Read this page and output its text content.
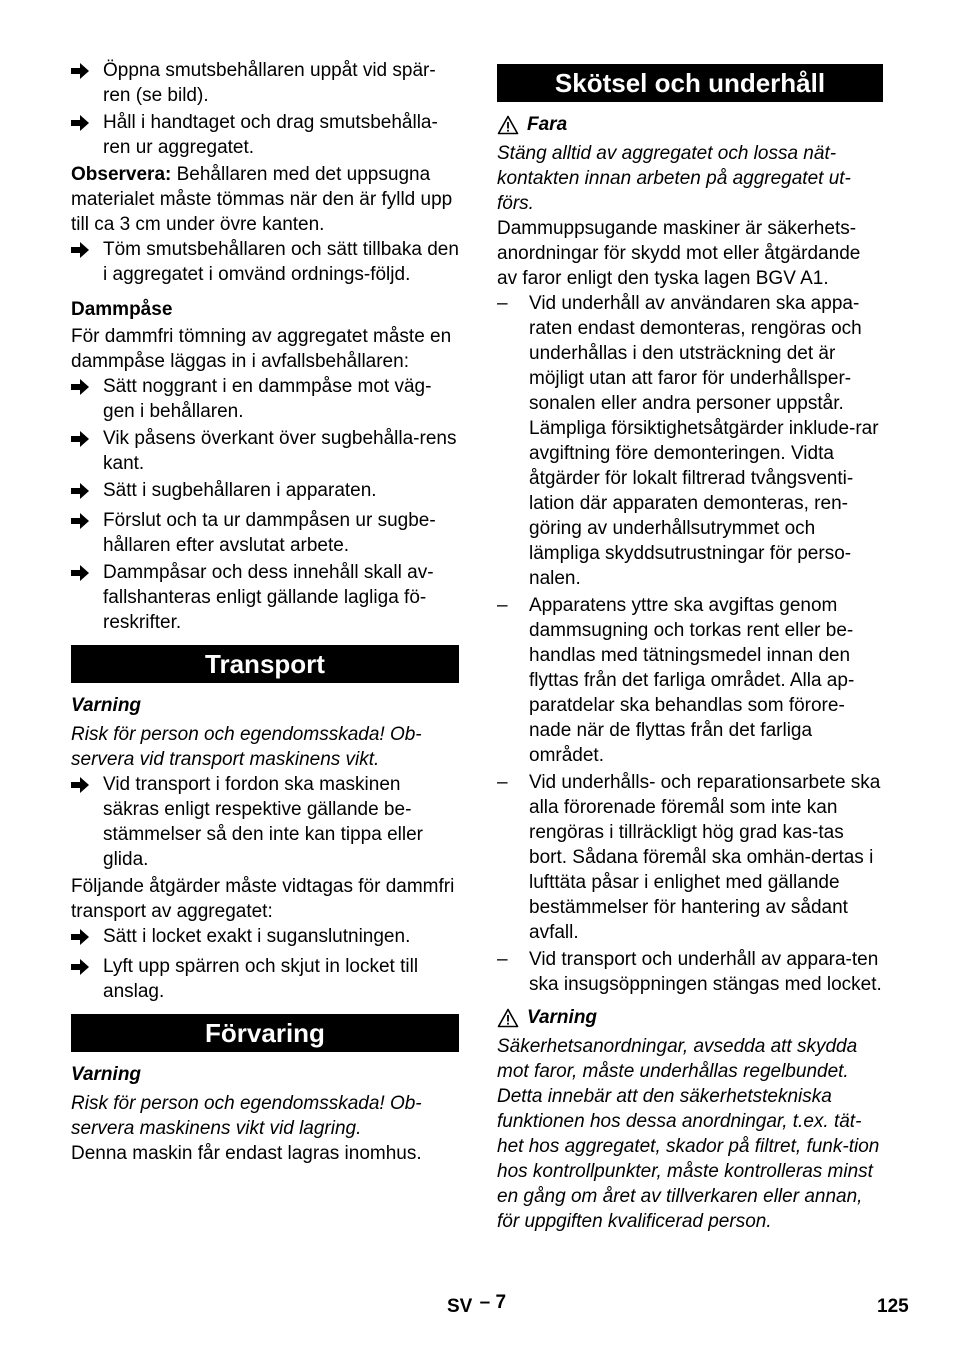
Öppna smutsbehållaren uppåt vid spär-ren (se bild).
Håll i handtaget och drag smutsbehålla-ren ur aggregatet.

Observera: Behållaren med det uppsugna materialet måste tömmas när den är fylld upp till ca 3 cm under övre kanten.

Töm smutsbehållaren och sätt tillbaka den i aggregatet i omvänd ordnings-följd.
Dammpåse

För dammfri tömning av aggregatet måste en dammpåse läggas in i avfallsbehållaren:

Sätt noggrant i en dammpåse mot väg-gen i behållaren.
Vik påsens överkant över sugbehålla-rens kant.
Sätt i sugbehållaren i apparaten.
Förslut och ta ur dammpåsen ur sugbe-hållaren efter avslutat arbete.
Dammpåsar och dess innehåll skall av-fallshanteras enligt gällande lagliga fö-reskrifter.
Transport
Varning

Risk för person och egendomsskada! Ob-servera vid transport maskinens vikt.

Vid transport i fordon ska maskinen säkras enligt respektive gällande be-stämmelser så den inte kan tippa eller glida.

Följande åtgärder måste vidtagas för dammfri transport av aggregatet:

Sätt i locket exakt i suganslutningen.
Lyft upp spärren och skjut in locket till anslag.
Förvaring
Varning

Risk för person och egendomsskada! Ob-servera maskinens vikt vid lagring.

Denna maskin får endast lagras inomhus.

Skötsel och underhåll
Fara

Stäng alltid av aggregatet och lossa nät-kontakten innan arbeten på aggregatet ut-förs.

Dammuppsugande maskiner är säkerhets-anordningar för skydd mot eller åtgärdande av faror enligt den tyska lagen BGV A1.

–	Vid underhåll av användaren ska appa-raten endast demonteras, rengöras och underhållas i den utsträckning det är möjligt utan att faror för underhållsper-sonalen eller andra personer uppstår. Lämpliga försiktighetsåtgärder inklude-rar avgiftning före demonteringen. Vidta åtgärder för lokalt filtrerad tvångsventi-lation där apparaten demonteras, ren-göring av underhållsutrymmet och lämpliga skyddsutrustningar för perso-nalen.
–	Apparatens yttre ska avgiftas genom dammsugning och torkas rent eller be-handlas med tätningsmedel innan den flyttas från det farliga området. Alla ap-paratdelar ska behandlas som förore-nade när de flyttas från det farliga området.
–	Vid underhålls- och reparationsarbete ska alla förorenade föremål som inte kan rengöras i tillräckligt hög grad kas-tas bort. Sådana föremål ska omhän-dertas i lufttäta påsar i enlighet med gällande bestämmelser för hantering av sådant avfall.
–	Vid transport och underhåll av appara-ten ska insugsöppningen stängas med locket.
Varning

Säkerhetsanordningar, avsedda att skydda mot faror, måste underhållas regelbundet. Detta innebär att den säkerhetstekniska funktionen hos dessa anordningar, t.ex. tät-het hos aggregatet, skador på filtret, funk-tion hos kontrollpunkter, måste kontrolleras minst en gång om året av tillverkaren eller annan, för uppgiften kvalificerad person.

SV – 7	125
